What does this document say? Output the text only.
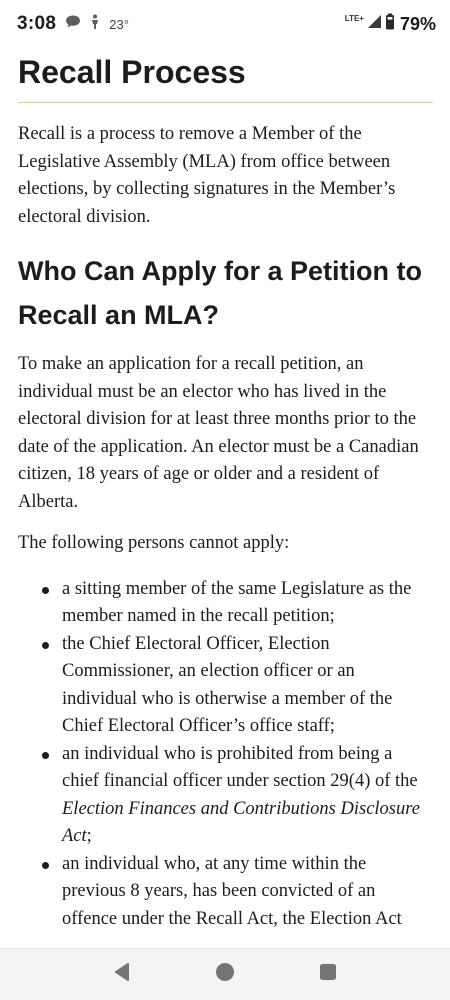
3:08	23°	LTE+ 79%
Recall Process

Recall is a process to remove a Member of the Legislative Assembly (MLA) from office between elections, by collecting signatures in the Member’s electoral division.

Who Can Apply for a Petition to Recall an MLA?

To make an application for a recall petition, an individual must be an elector who has lived in the electoral division for at least three months prior to the date of the application. An elector must be a Canadian citizen, 18 years of age or older and a resident of Alberta.

The following persons cannot apply:

a sitting member of the same Legislature as the member named in the recall petition;
the Chief Electoral Officer, Election Commissioner, an election officer or an individual who is otherwise a member of the Chief Electoral Officer’s office staff;
an individual who is prohibited from being a chief financial officer under section 29(4) of the Election Finances and Contributions Disclosure Act;
an individual who, at any time within the previous 8 years, has been convicted of an offence under the Recall Act, the Election Act
